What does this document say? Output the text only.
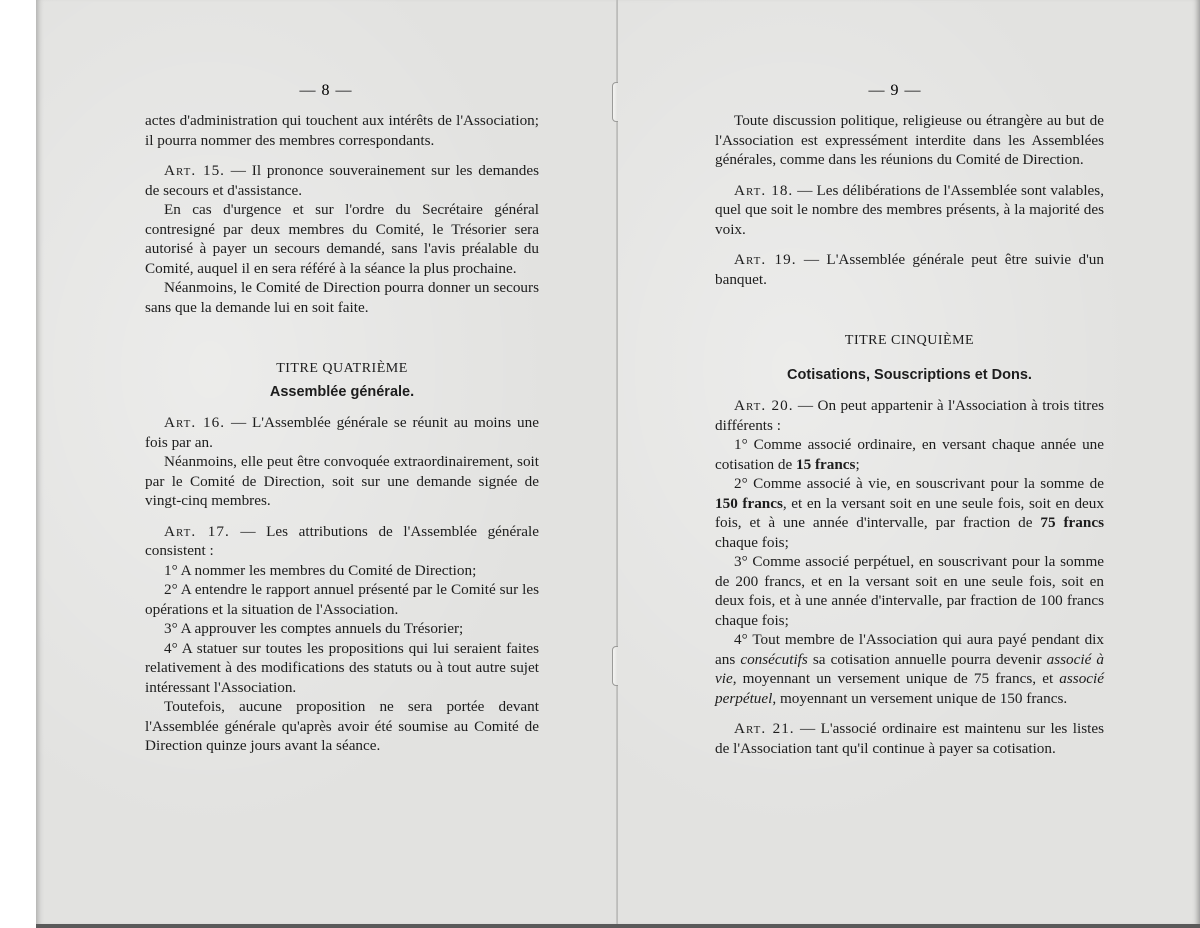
— 8 —

actes d'administration qui touchent aux intérêts de l'Association; il pourra nommer des membres correspondants.

Art. 15. — Il prononce souverainement sur les demandes de secours et d'assistance.

En cas d'urgence et sur l'ordre du Secrétaire général contresigné par deux membres du Comité, le Trésorier sera autorisé à payer un secours demandé, sans l'avis préalable du Comité, auquel il en sera référé à la séance la plus prochaine.

Néanmoins, le Comité de Direction pourra donner un secours sans que la demande lui en soit faite.

TITRE QUATRIÈME

Assemblée générale.

Art. 16. — L'Assemblée générale se réunit au moins une fois par an.

Néanmoins, elle peut être convoquée extraordinairement, soit par le Comité de Direction, soit sur une demande signée de vingt-cinq membres.

Art. 17. — Les attributions de l'Assemblée générale consistent :

1° A nommer les membres du Comité de Direction;

2° A entendre le rapport annuel présenté par le Comité sur les opérations et la situation de l'Association.

3° A approuver les comptes annuels du Trésorier;

4° A statuer sur toutes les propositions qui lui seraient faites relativement à des modifications des statuts ou à tout autre sujet intéressant l'Association.

Toutefois, aucune proposition ne sera portée devant l'Assemblée générale qu'après avoir été soumise au Comité de Direction quinze jours avant la séance.

— 9 —

Toute discussion politique, religieuse ou étrangère au but de l'Association est expressément interdite dans les Assemblées générales, comme dans les réunions du Comité de Direction.

Art. 18. — Les délibérations de l'Assemblée sont valables, quel que soit le nombre des membres présents, à la majorité des voix.

Art. 19. — L'Assemblée générale peut être suivie d'un banquet.

TITRE CINQUIÈME

Cotisations, Souscriptions et Dons.

Art. 20. — On peut appartenir à l'Association à trois titres différents :

1° Comme associé ordinaire, en versant chaque année une cotisation de 15 francs;

2° Comme associé à vie, en souscrivant pour la somme de 150 francs, et en la versant soit en une seule fois, soit en deux fois, et à une année d'intervalle, par fraction de 75 francs chaque fois;

3° Comme associé perpétuel, en souscrivant pour la somme de 200 francs, et en la versant soit en une seule fois, soit en deux fois, et à une année d'intervalle, par fraction de 100 francs chaque fois;

4° Tout membre de l'Association qui aura payé pendant dix ans consécutifs sa cotisation annuelle pourra devenir associé à vie, moyennant un versement unique de 75 francs, et associé perpétuel, moyennant un versement unique de 150 francs.

Art. 21. — L'associé ordinaire est maintenu sur les listes de l'Association tant qu'il continue à payer sa cotisation.
